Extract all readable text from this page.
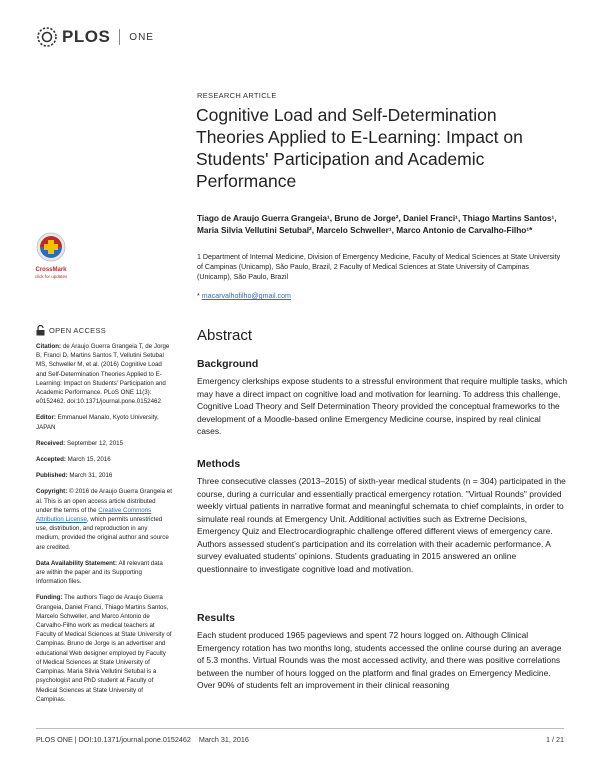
PLOS ONE
RESEARCH ARTICLE
Cognitive Load and Self-Determination Theories Applied to E-Learning: Impact on Students' Participation and Academic Performance
Tiago de Araujo Guerra Grangeia¹, Bruno de Jorge², Daniel Franci¹, Thiago Martins Santos¹, Maria Silvia Vellutini Setubal², Marcelo Schweller¹, Marco Antonio de Carvalho-Filho¹*
1 Department of Internal Medicine, Division of Emergency Medicine, Faculty of Medical Sciences at State University of Campinas (Unicamp), São Paulo, Brazil, 2 Faculty of Medical Sciences at State University of Campinas (Unicamp), São Paulo, Brazil
* macarvalhofilho@gmail.com
CrossMark
click for updates
OPEN ACCESS

Citation: de Araujo Guerra Grangeia T, de Jorge B, Franci D, Martins Santos T, Vellutini Setubal MS, Schweller M, et al. (2016) Cognitive Load and Self-Determination Theories Applied to E-Learning: Impact on Students' Participation and Academic Performance. PLoS ONE 11(3): e0152462. doi:10.1371/journal.pone.0152462

Editor: Emmanuel Manalo, Kyoto University, JAPAN

Received: September 12, 2015

Accepted: March 15, 2016

Published: March 31, 2016

Copyright: © 2016 de Araujo Guerra Grangeia et al. This is an open access article distributed under the terms of the Creative Commons Attribution License, which permits unrestricted use, distribution, and reproduction in any medium, provided the original author and source are credited.

Data Availability Statement: All relevant data are within the paper and its Supporting Information files.

Funding: The authors Tiago de Araujo Guerra Grangeia, Daniel Franci, Thiago Martins Santos, Marcelo Schweller, and Marco Antonio de Carvalho-Filho work as medical teachers at Faculty of Medical Sciences at State University of Campinas. Bruno de Jorge is an advertiser and educational Web designer employed by Faculty of Medical Sciences at State University of Campinas. Maria Silvia Vellutini Setubal is a psychologist and PhD student at Faculty of Medical Sciences at State University of Campinas.

Abstract
Background
Emergency clerkships expose students to a stressful environment that require multiple tasks, which may have a direct impact on cognitive load and motivation for learning. To address this challenge, Cognitive Load Theory and Self Determination Theory provided the conceptual frameworks to the development of a Moodle-based online Emergency Medicine course, inspired by real clinical cases.
Methods
Three consecutive classes (2013–2015) of sixth-year medical students (n = 304) participated in the course, during a curricular and essentially practical emergency rotation. "Virtual Rounds" provided weekly virtual patients in narrative format and meaningful schemata to chief complaints, in order to simulate real rounds at Emergency Unit. Additional activities such as Extreme Decisions, Emergency Quiz and Electrocardiographic challenge offered different views of emergency care. Authors assessed student's participation and its correlation with their academic performance. A survey evaluated students' opinions. Students graduating in 2015 answered an online questionnaire to investigate cognitive load and motivation.
Results
Each student produced 1965 pageviews and spent 72 hours logged on. Although Clinical Emergency rotation has two months long, students accessed the online course during an average of 5.3 months. Virtual Rounds was the most accessed activity, and there was positive correlations between the number of hours logged on the platform and final grades on Emergency Medicine. Over 90% of students felt an improvement in their clinical reasoning
PLOS ONE | DOI:10.1371/journal.pone.0152462    March 31, 2016	1 / 21
